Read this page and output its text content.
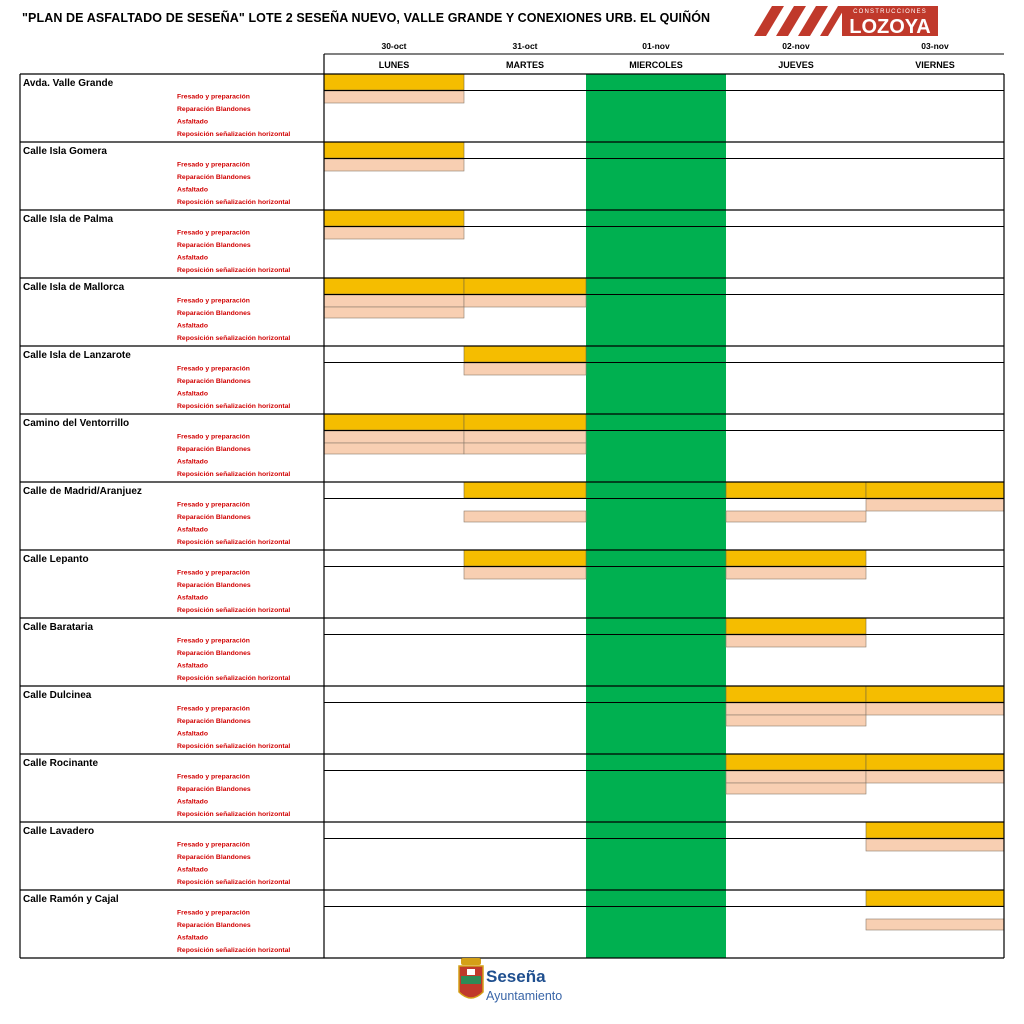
"PLAN DE ASFALTADO DE SESEÑA" LOTE 2 SESEÑA NUEVO, VALLE GRANDE Y CONEXIONES URB. EL QUIÑÓN	CONSTRUCCIONES
LOZOYA
30-oct
LUNES
31-oct
MARTES
01-nov
MIERCOLES
02-nov
JUEVES
03-nov
VIERNES
Avda. Valle Grande
Fresado y preparación
Reparación Blandones
Asfaltado
Reposición señalización horizontal
Calle Isla Gomera
Fresado y preparación
Reparación Blandones
Asfaltado
Reposición señalización horizontal
Calle Isla de Palma
Fresado y preparación
Reparación Blandones
Asfaltado
Reposición señalización horizontal
Calle Isla de Mallorca
Fresado y preparación
Reparación Blandones
Asfaltado
Reposición señalización horizontal
Calle Isla de Lanzarote
Fresado y preparación
Reparación Blandones
Asfaltado
Reposición señalización horizontal
Camino del Ventorrillo
Fresado y preparación
Reparación Blandones
Asfaltado
Reposición señalización horizontal
Calle de Madrid/Aranjuez
Fresado y preparación
Reparación Blandones
Asfaltado
Reposición señalización horizontal
Calle Lepanto
Fresado y preparación
Reparación Blandones
Asfaltado
Reposición señalización horizontal
Calle Barataria
Fresado y preparación
Reparación Blandones
Asfaltado
Reposición señalización horizontal
Calle Dulcinea
Fresado y preparación
Reparación Blandones
Asfaltado
Reposición señalización horizontal
Calle Rocinante
Fresado y preparación
Reparación Blandones
Asfaltado
Reposición señalización horizontal
Calle Lavadero
Fresado y preparación
Reparación Blandones
Asfaltado
Reposición señalización horizontal
Calle Ramón y Cajal
Fresado y preparación
Reparación Blandones
Asfaltado
Reposición señalización horizontal
Seseña
Ayuntamiento
